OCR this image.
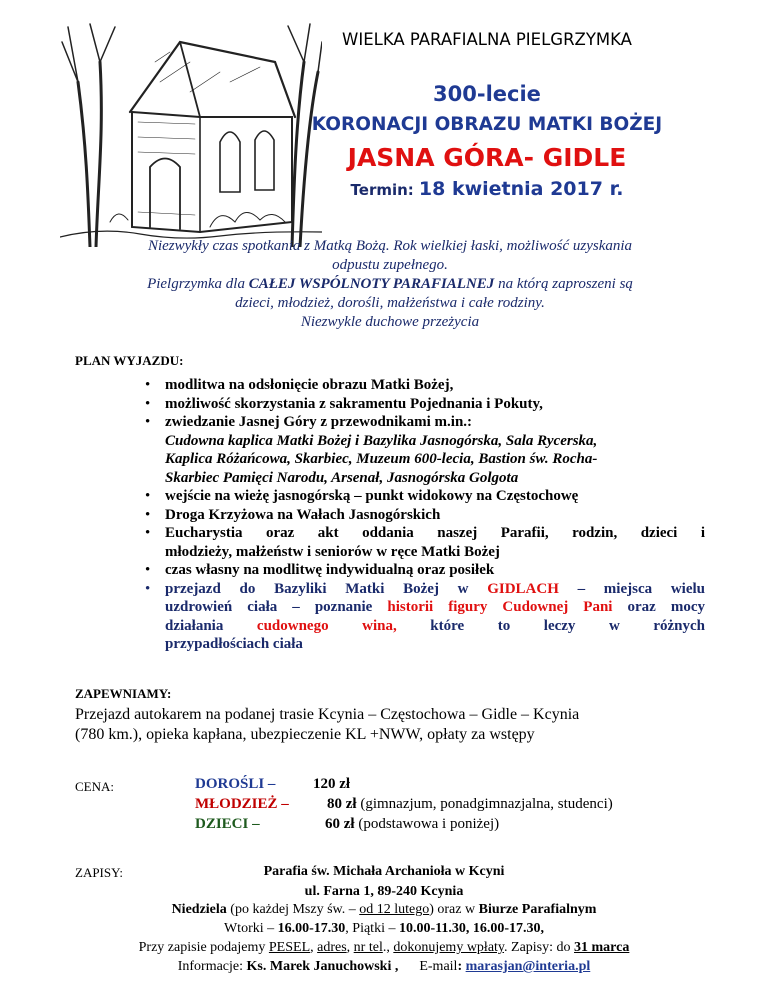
WIELKA PARAFIALNA PIELGRZYMKA
300-lecie
KORONACJI OBRAZU MATKI BOŻEJ
JASNA GÓRA- GIDLE
Termin: 18 kwietnia 2017 r.
Niezwykły czas spotkania z Matką Bożą. Rok wielkiej łaski, możliwość uzyskania
odpustu zupełnego.
Pielgrzymka dla CAŁEJ WSPÓLNOTY PARAFIALNEJ na którą zaproszeni są
dzieci, młodzież, dorośli, małżeństwa i całe rodziny.
Niezwykle duchowe przeżycia
PLAN WYJAZDU:
• modlitwa na odsłonięcie obrazu Matki Bożej,
• możliwość skorzystania z sakramentu Pojednania i Pokuty,
• zwiedzanie Jasnej Góry z przewodnikami m.in.:
Cudowna kaplica Matki Bożej i Bazylika Jasnogórska, Sala Rycerska,
Kaplica Różańcowa, Skarbiec, Muzeum 600-lecia, Bastion św. Rocha-
Skarbiec Pamięci Narodu, Arsenał, Jasnogórska Golgota
• wejście na wieżę jasnogórską – punkt widokowy na Częstochowę
• Droga Krzyżowa na Wałach Jasnogórskich
• Eucharystia oraz akt oddania naszej Parafii, rodzin, dzieci i
młodzieży, małżeństw i seniorów w ręce Matki Bożej
• czas własny na modlitwę indywidualną oraz posiłek
• przejazd do Bazyliki Matki Bożej w GIDLACH – miejsca wielu
uzdrowień ciała – poznanie historii figury Cudownej Pani oraz mocy
działania cudownego wina, które to leczy w różnych
przypadłościach ciała
ZAPEWNIAMY:
Przejazd autokarem na podanej trasie Kcynia – Częstochowa – Gidle – Kcynia
(780 km.), opieka kapłana, ubezpieczenie KL +NWW, opłaty za wstępy
CENA:	DOROŚLI –	120 zł
MŁODZIEŻ –	80 zł (gimnazjum, ponadgimnazjalna, studenci)
DZIECI –	60 zł (podstawowa i poniżej)
ZAPISY:	Parafia św. Michała Archanioła w Kcyni
ul. Farna 1, 89-240 Kcynia
Niedziela (po każdej Mszy św. – od 12 lutego) oraz w Biurze Parafialnym
Wtorki – 16.00-17.30, Piątki – 10.00-11.30, 16.00-17.30,
Przy zapisie podajemy PESEL, adres, nr tel., dokonujemy wpłaty. Zapisy: do 31 marca
Informacje: Ks. Marek Januchowski , E-mail: marasjan@interia.pl
